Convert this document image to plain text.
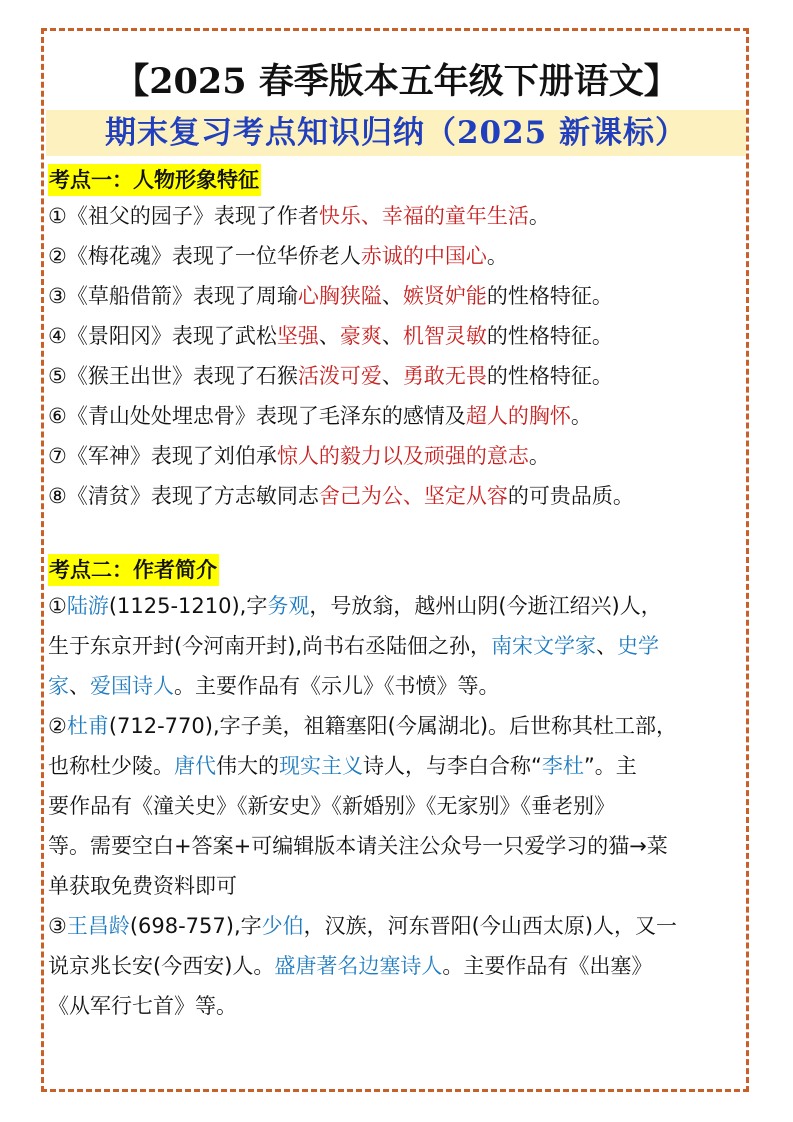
【2025 春季版本五年级下册语文】
期末复习考点知识归纳（2025 新课标）
考点一：人物形象特征
①《祖父的园子》表现了作者快乐、幸福的童年生活。
②《梅花魂》表现了一位华侨老人赤诚的中国心。
③《草船借箭》表现了周瑜心胸狭隘、嫉贤妒能的性格特征。
④《景阳冈》表现了武松坚强、豪爽、机智灵敏的性格特征。
⑤《猴王出世》表现了石猴活泼可爱、勇敢无畏的性格特征。
⑥《青山处处埋忠骨》表现了毛泽东的感情及超人的胸怀。
⑦《军神》表现了刘伯承惊人的毅力以及顽强的意志。
⑧《清贫》表现了方志敏同志舍己为公、坚定从容的可贵品质。
考点二：作者简介
①陆游(1125-1210),字务观，号放翁，越州山阴(今逝江绍兴)人，
生于东京开封(今河南开封),尚书右丞陆佃之孙，南宋文学家、史学
家、爱国诗人。主要作品有《示儿》《书愤》等。
②杜甫(712-770),字子美，祖籍塞阳(今属湖北)。后世称其杜工部，
也称杜少陵。唐代伟大的现实主义诗人，与李白合称“李杜”。主
要作品有《潼关史》《新安史》《新婚别》《无家别》《垂老别》
等。需要空白+答案+可编辑版本请关注公众号一只爱学习的猫→菜
单获取免费资料即可
③王昌龄(698-757),字少伯，汉族，河东晋阳(今山西太原)人，又一
说京兆长安(今西安)人。盛唐著名边塞诗人。主要作品有《出塞》
《从军行七首》等。
